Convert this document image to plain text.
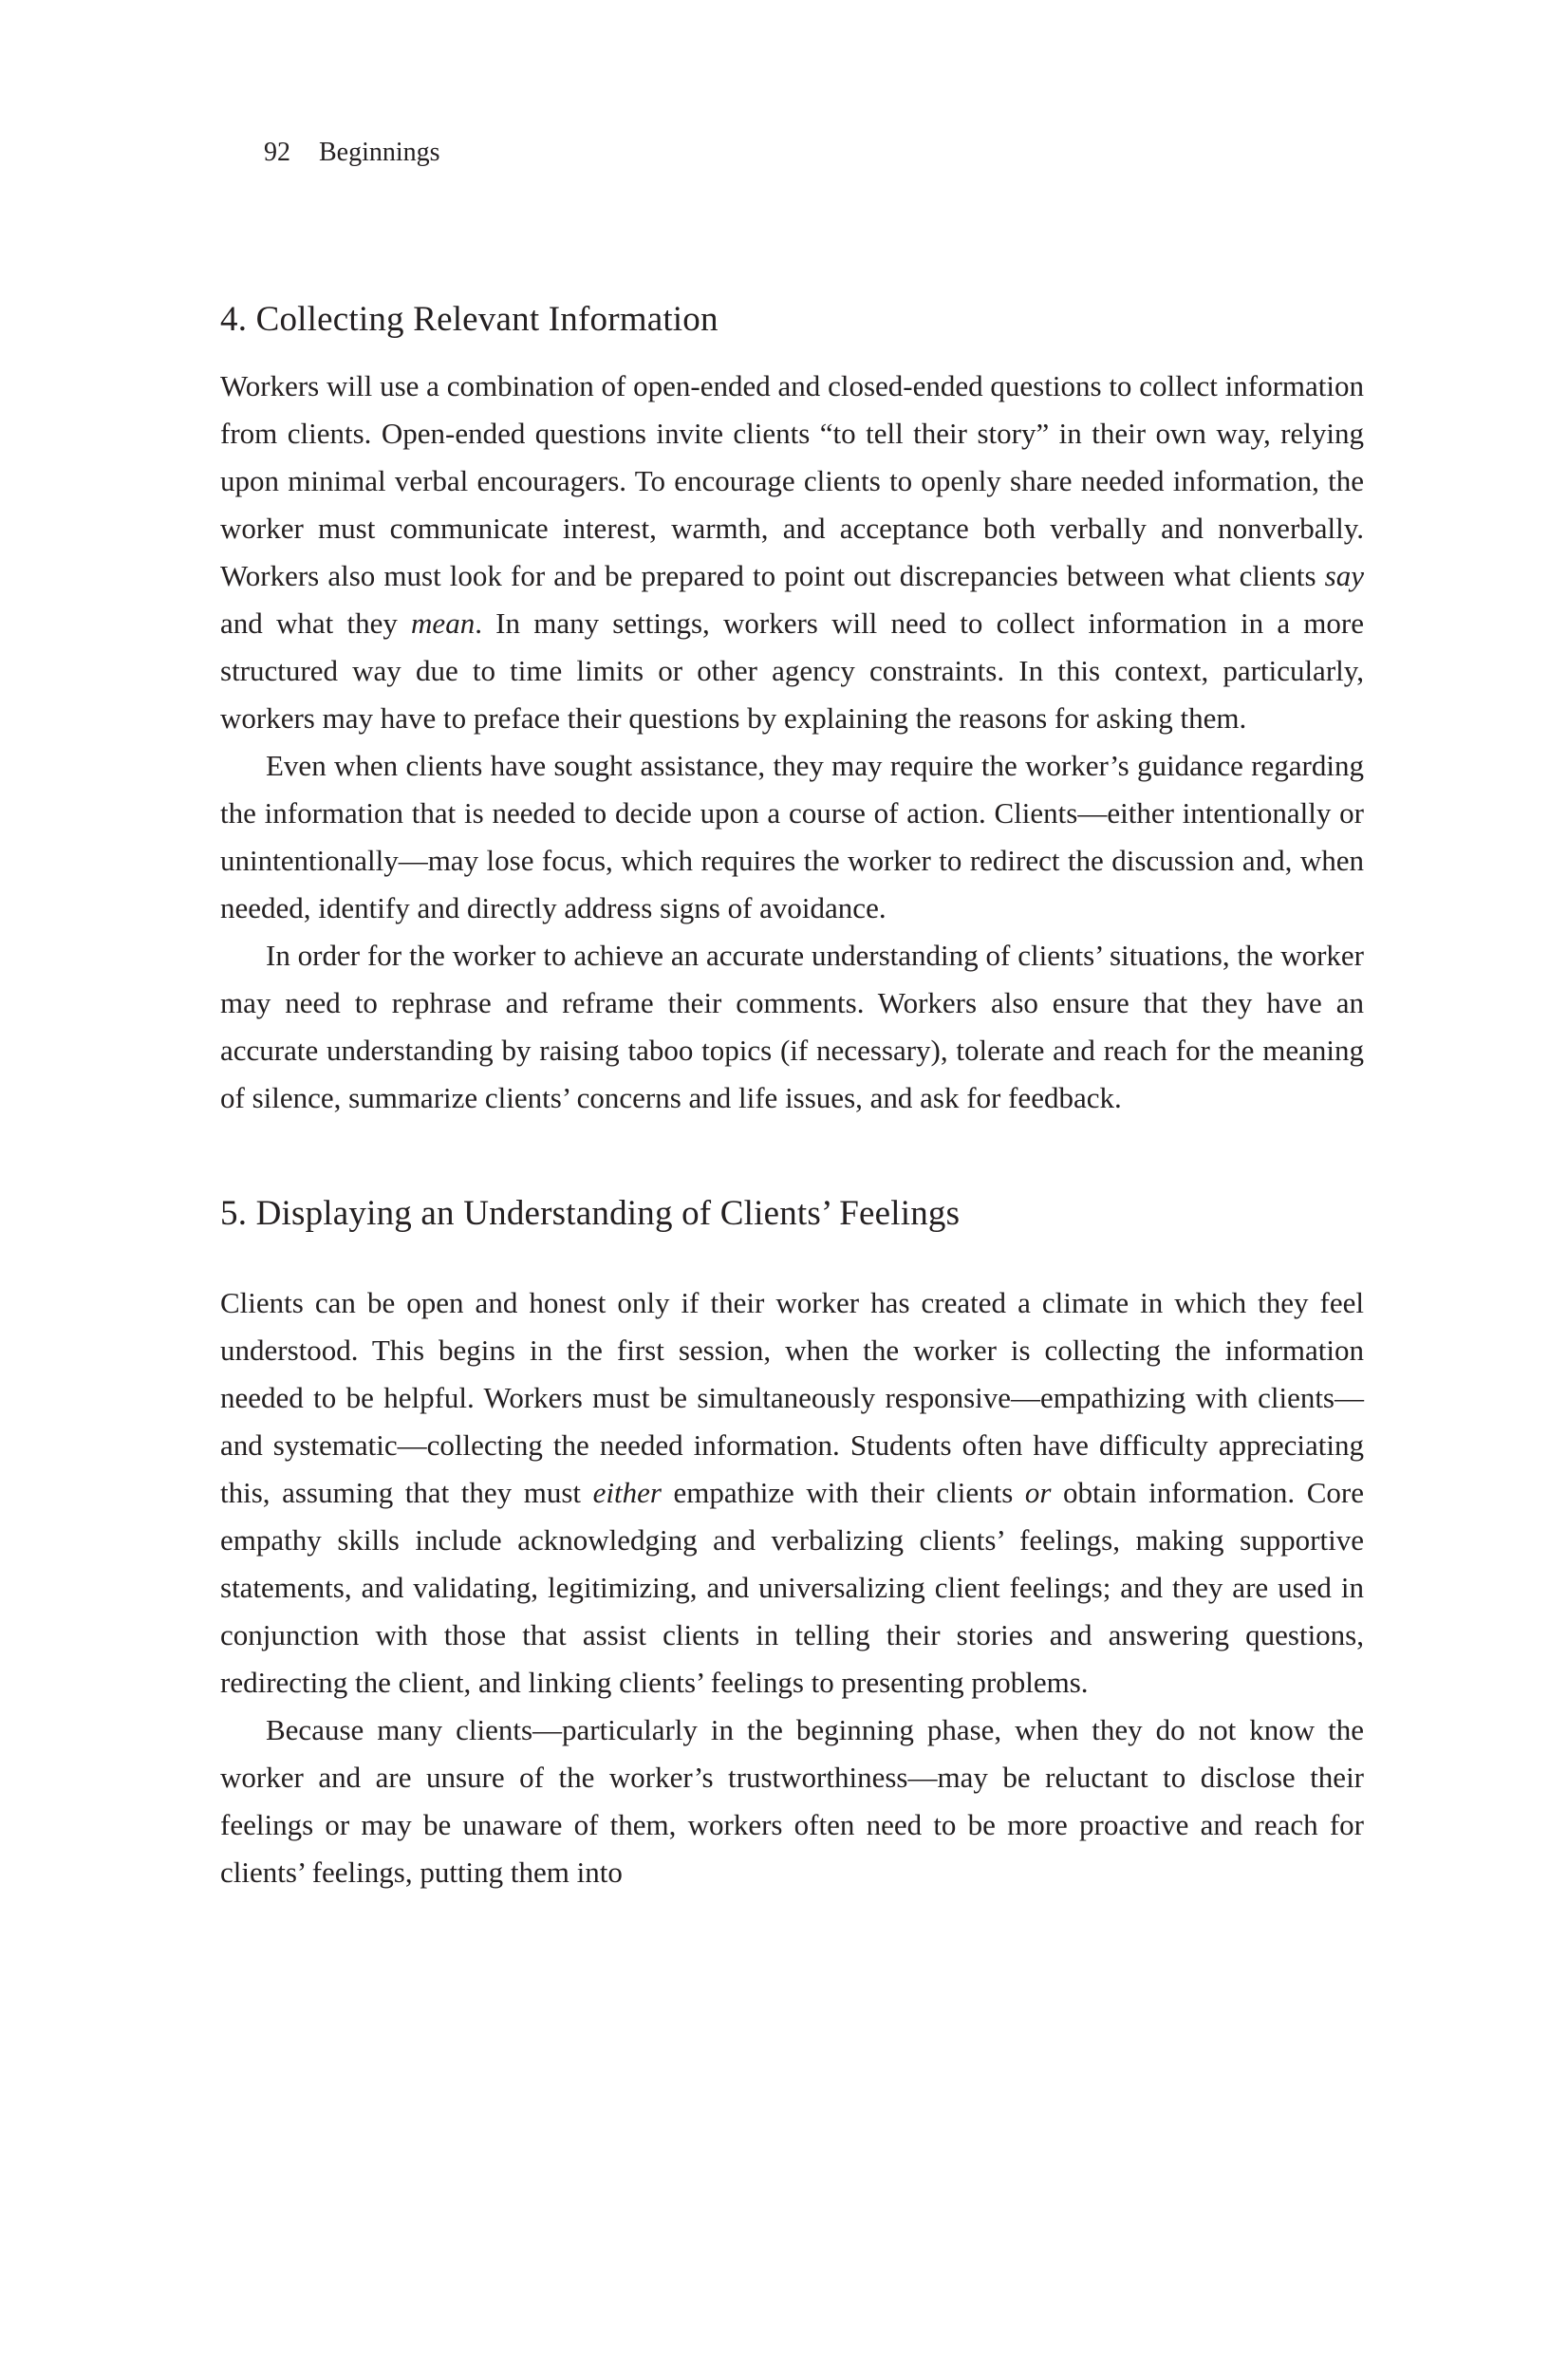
92 Beginnings
4. Collecting Relevant Information

Workers will use a combination of open-ended and closed-ended questions to collect information from clients. Open-ended questions invite clients “to tell their story” in their own way, relying upon minimal verbal encouragers. To encourage clients to openly share needed information, the worker must communicate interest, warmth, and acceptance both verbally and nonverbally. Workers also must look for and be prepared to point out discrepancies between what clients say and what they mean. In many settings, workers will need to collect information in a more structured way due to time limits or other agency constraints. In this context, particularly, workers may have to preface their questions by explaining the reasons for asking them.

Even when clients have sought assistance, they may require the worker’s guidance regarding the information that is needed to decide upon a course of action. Clients—either intentionally or unintentionally—may lose focus, which requires the worker to redirect the discussion and, when needed, identify and directly address signs of avoidance.

In order for the worker to achieve an accurate understanding of clients’ situations, the worker may need to rephrase and reframe their comments. Workers also ensure that they have an accurate understanding by raising taboo topics (if necessary), tolerate and reach for the meaning of silence, summarize clients’ concerns and life issues, and ask for feedback.

5. Displaying an Understanding of Clients’ Feelings

Clients can be open and honest only if their worker has created a climate in which they feel understood. This begins in the first session, when the worker is collecting the information needed to be helpful. Workers must be simultaneously responsive—empathizing with clients—and systematic—collecting the needed information. Students often have difficulty appreciating this, assuming that they must either empathize with their clients or obtain information. Core empathy skills include acknowledging and verbalizing clients’ feelings, making supportive statements, and validating, legitimizing, and universalizing client feelings; and they are used in conjunction with those that assist clients in telling their stories and answering questions, redirecting the client, and linking clients’ feelings to presenting problems.

Because many clients—particularly in the beginning phase, when they do not know the worker and are unsure of the worker’s trustworthiness—may be reluctant to disclose their feelings or may be unaware of them, workers often need to be more proactive and reach for clients’ feelings, putting them into
